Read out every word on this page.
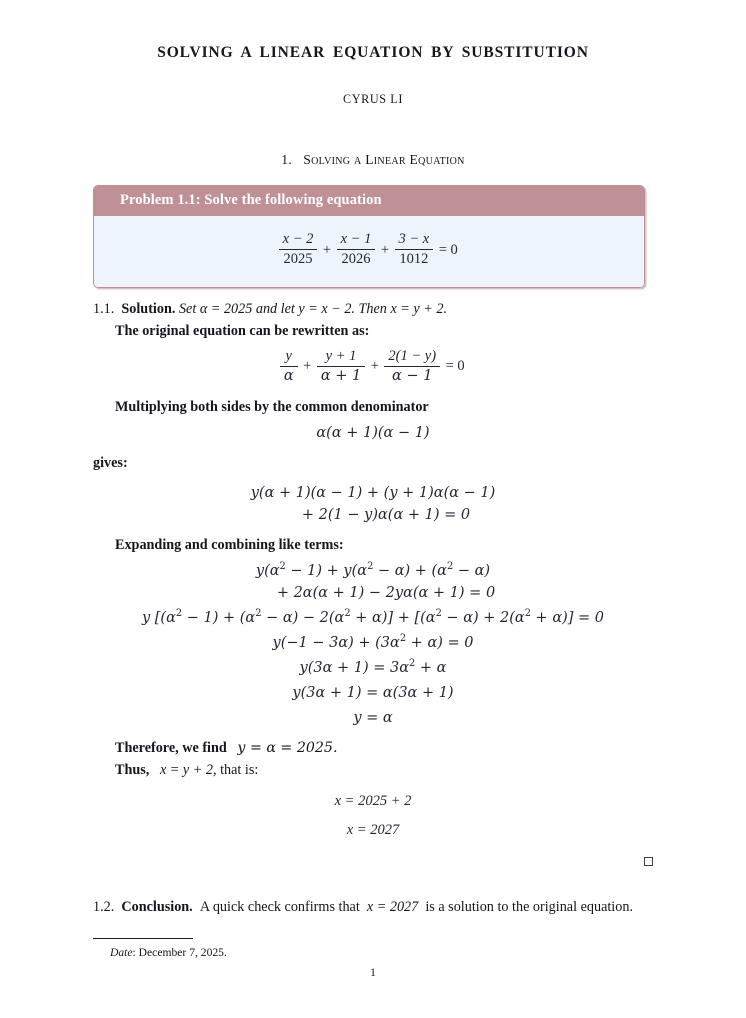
SOLVING A LINEAR EQUATION BY SUBSTITUTION
CYRUS LI
1. Solving a Linear Equation
Problem 1.1: Solve the following equation
$\frac{x - 2}{2025} + \frac{x - 1}{2026} + \frac{3 - x}{1012} = 0$
1.1. Solution. Set α = 2025 and let y = x − 2. Then x = y + 2.
The original equation can be rewritten as:
$\frac{y}{\alpha} + \frac{y + 1}{\alpha + 1} + \frac{2(1 - y)}{\alpha - 1} = 0$
Multiplying both sides by the common denominator
α(α + 1)(α − 1)
gives:
y(α + 1)(α − 1) + (y + 1)α(α − 1)
+ 2(1 − y)α(α + 1) = 0
Expanding and combining like terms:
$y(\alpha^2 - 1) + y(\alpha^2 - \alpha) + (\alpha^2 - \alpha)$
+ 2α(α + 1) − 2yα(α + 1) = 0
y $[(\alpha^2 - 1) + (\alpha^2 - \alpha) - 2(\alpha^2 + \alpha)] + [(\alpha^2 - \alpha) + 2(\alpha^2 + \alpha)] = 0$
$y(-1 - 3\alpha) + (3\alpha^2 + \alpha) = 0$
$y(3\alpha + 1) = 3\alpha^2 + \alpha$
y(3α + 1) = α(3α + 1)
y = α
Therefore, we find y = α = 2025.
Thus, x = y + 2, that is:
x = 2025 + 2
x = 2027
1.2. Conclusion. A quick check confirms that x = 2027 is a solution to the original equation.
Date: December 7, 2025.
1
